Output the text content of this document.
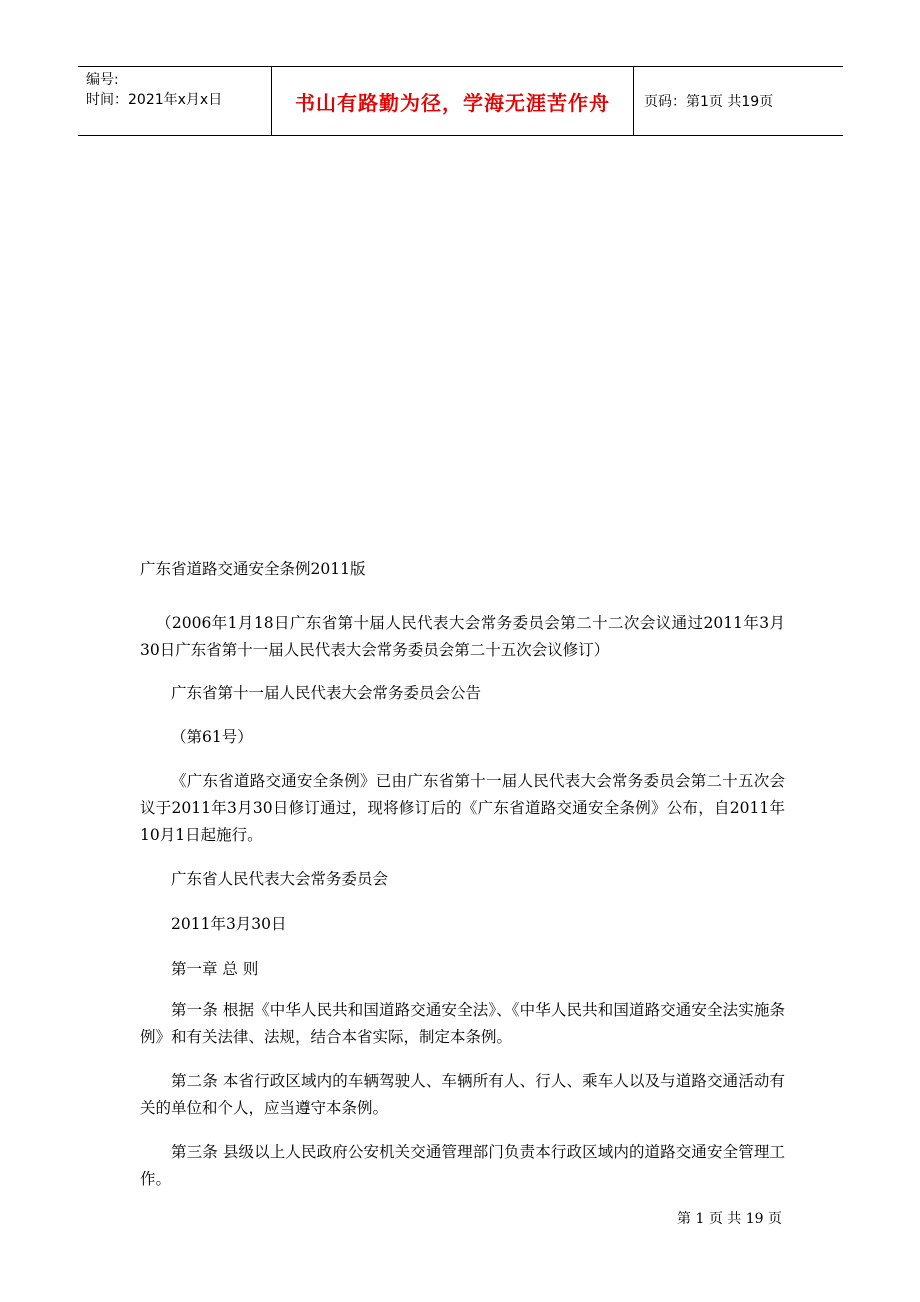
编号:
时间：2021年x月x日	书山有路勤为径，学海无涯苦作舟	页码：第1页 共19页

广东省道路交通安全条例2011版

（2006年1月18日广东省第十届人民代表大会常务委员会第二十二次会议通过2011年3月30日广东省第十一届人民代表大会常务委员会第二十五次会议修订）

广东省第十一届人民代表大会常务委员会公告

（第61号）

《广东省道路交通安全条例》已由广东省第十一届人民代表大会常务委员会第二十五次会议于2011年3月30日修订通过，现将修订后的《广东省道路交通安全条例》公布，自2011年10月1日起施行。

广东省人民代表大会常务委员会

2011年3月30日

第一章 总 则

第一条 根据《中华人民共和国道路交通安全法》、《中华人民共和国道路交通安全法实施条例》和有关法律、法规，结合本省实际，制定本条例。

第二条 本省行政区域内的车辆驾驶人、车辆所有人、行人、乘车人以及与道路交通活动有关的单位和个人，应当遵守本条例。

第三条 县级以上人民政府公安机关交通管理部门负责本行政区域内的道路交通安全管理工作。

第 1 页 共 19 页
